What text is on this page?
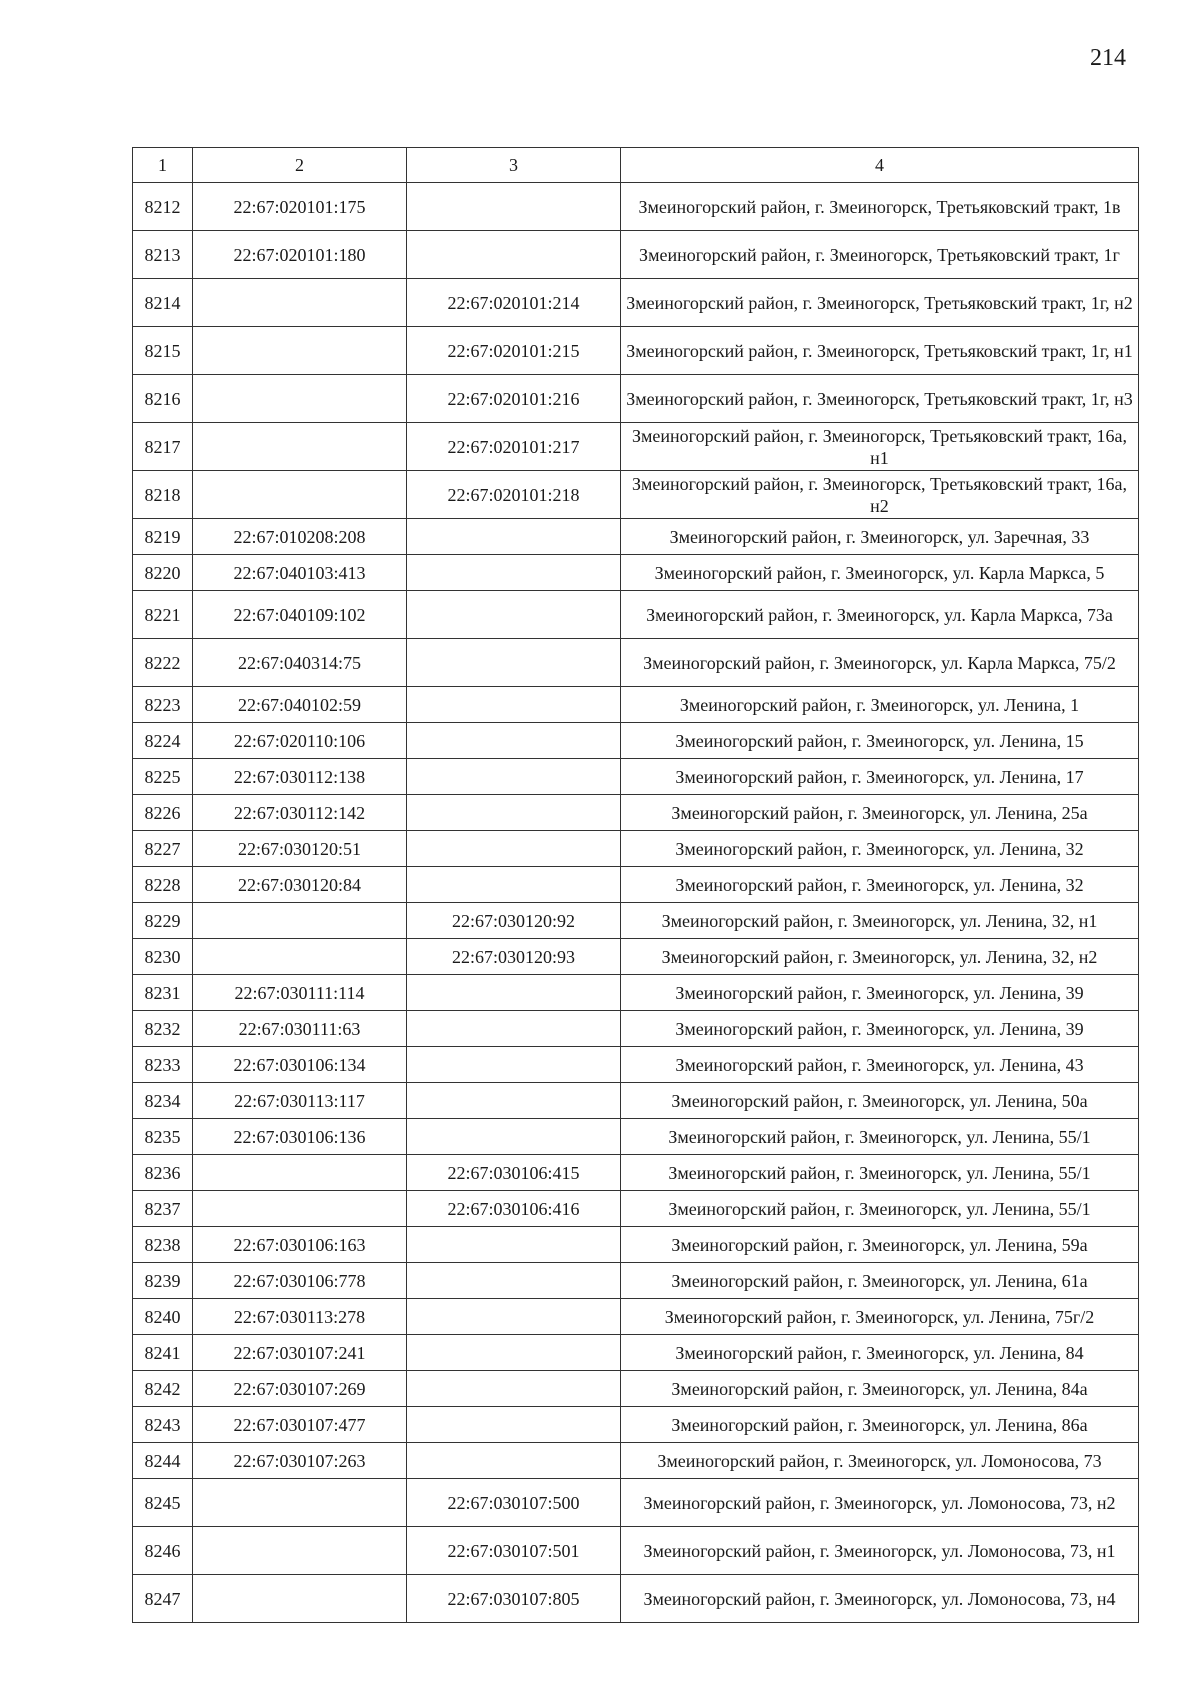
214
1	2	3	4
8212	22:67:020101:175		Змеиногорский район, г. Змеиногорск, Третьяковский тракт, 1в
8213	22:67:020101:180		Змеиногорский район, г. Змеиногорск, Третьяковский тракт, 1г
8214		22:67:020101:214	Змеиногорский район, г. Змеиногорск, Третьяковский тракт, 1г, н2
8215		22:67:020101:215	Змеиногорский район, г. Змеиногорск, Третьяковский тракт, 1г, н1
8216		22:67:020101:216	Змеиногорский район, г. Змеиногорск, Третьяковский тракт, 1г, н3
8217		22:67:020101:217	Змеиногорский район, г. Змеиногорск, Третьяковский тракт, 16а, н1
8218		22:67:020101:218	Змеиногорский район, г. Змеиногорск, Третьяковский тракт, 16а, н2
8219	22:67:010208:208		Змеиногорский район, г. Змеиногорск, ул. Заречная, 33
8220	22:67:040103:413		Змеиногорский район, г. Змеиногорск, ул. Карла Маркса, 5
8221	22:67:040109:102		Змеиногорский район, г. Змеиногорск, ул. Карла Маркса, 73а
8222	22:67:040314:75		Змеиногорский район, г. Змеиногорск, ул. Карла Маркса, 75/2
8223	22:67:040102:59		Змеиногорский район, г. Змеиногорск, ул. Ленина, 1
8224	22:67:020110:106		Змеиногорский район, г. Змеиногорск, ул. Ленина, 15
8225	22:67:030112:138		Змеиногорский район, г. Змеиногорск, ул. Ленина, 17
8226	22:67:030112:142		Змеиногорский район, г. Змеиногорск, ул. Ленина, 25а
8227	22:67:030120:51		Змеиногорский район, г. Змеиногорск, ул. Ленина, 32
8228	22:67:030120:84		Змеиногорский район, г. Змеиногорск, ул. Ленина, 32
8229		22:67:030120:92	Змеиногорский район, г. Змеиногорск, ул. Ленина, 32, н1
8230		22:67:030120:93	Змеиногорский район, г. Змеиногорск, ул. Ленина, 32, н2
8231	22:67:030111:114		Змеиногорский район, г. Змеиногорск, ул. Ленина, 39
8232	22:67:030111:63		Змеиногорский район, г. Змеиногорск, ул. Ленина, 39
8233	22:67:030106:134		Змеиногорский район, г. Змеиногорск, ул. Ленина, 43
8234	22:67:030113:117		Змеиногорский район, г. Змеиногорск, ул. Ленина, 50а
8235	22:67:030106:136		Змеиногорский район, г. Змеиногорск, ул. Ленина, 55/1
8236		22:67:030106:415	Змеиногорский район, г. Змеиногорск, ул. Ленина, 55/1
8237		22:67:030106:416	Змеиногорский район, г. Змеиногорск, ул. Ленина, 55/1
8238	22:67:030106:163		Змеиногорский район, г. Змеиногорск, ул. Ленина, 59а
8239	22:67:030106:778		Змеиногорский район, г. Змеиногорск, ул. Ленина, 61а
8240	22:67:030113:278		Змеиногорский район, г. Змеиногорск, ул. Ленина, 75г/2
8241	22:67:030107:241		Змеиногорский район, г. Змеиногорск, ул. Ленина, 84
8242	22:67:030107:269		Змеиногорский район, г. Змеиногорск, ул. Ленина, 84а
8243	22:67:030107:477		Змеиногорский район, г. Змеиногорск, ул. Ленина, 86а
8244	22:67:030107:263		Змеиногорский район, г. Змеиногорск, ул. Ломоносова, 73
8245		22:67:030107:500	Змеиногорский район, г. Змеиногорск, ул. Ломоносова, 73, н2
8246		22:67:030107:501	Змеиногорский район, г. Змеиногорск, ул. Ломоносова, 73, н1
8247		22:67:030107:805	Змеиногорский район, г. Змеиногорск, ул. Ломоносова, 73, н4
